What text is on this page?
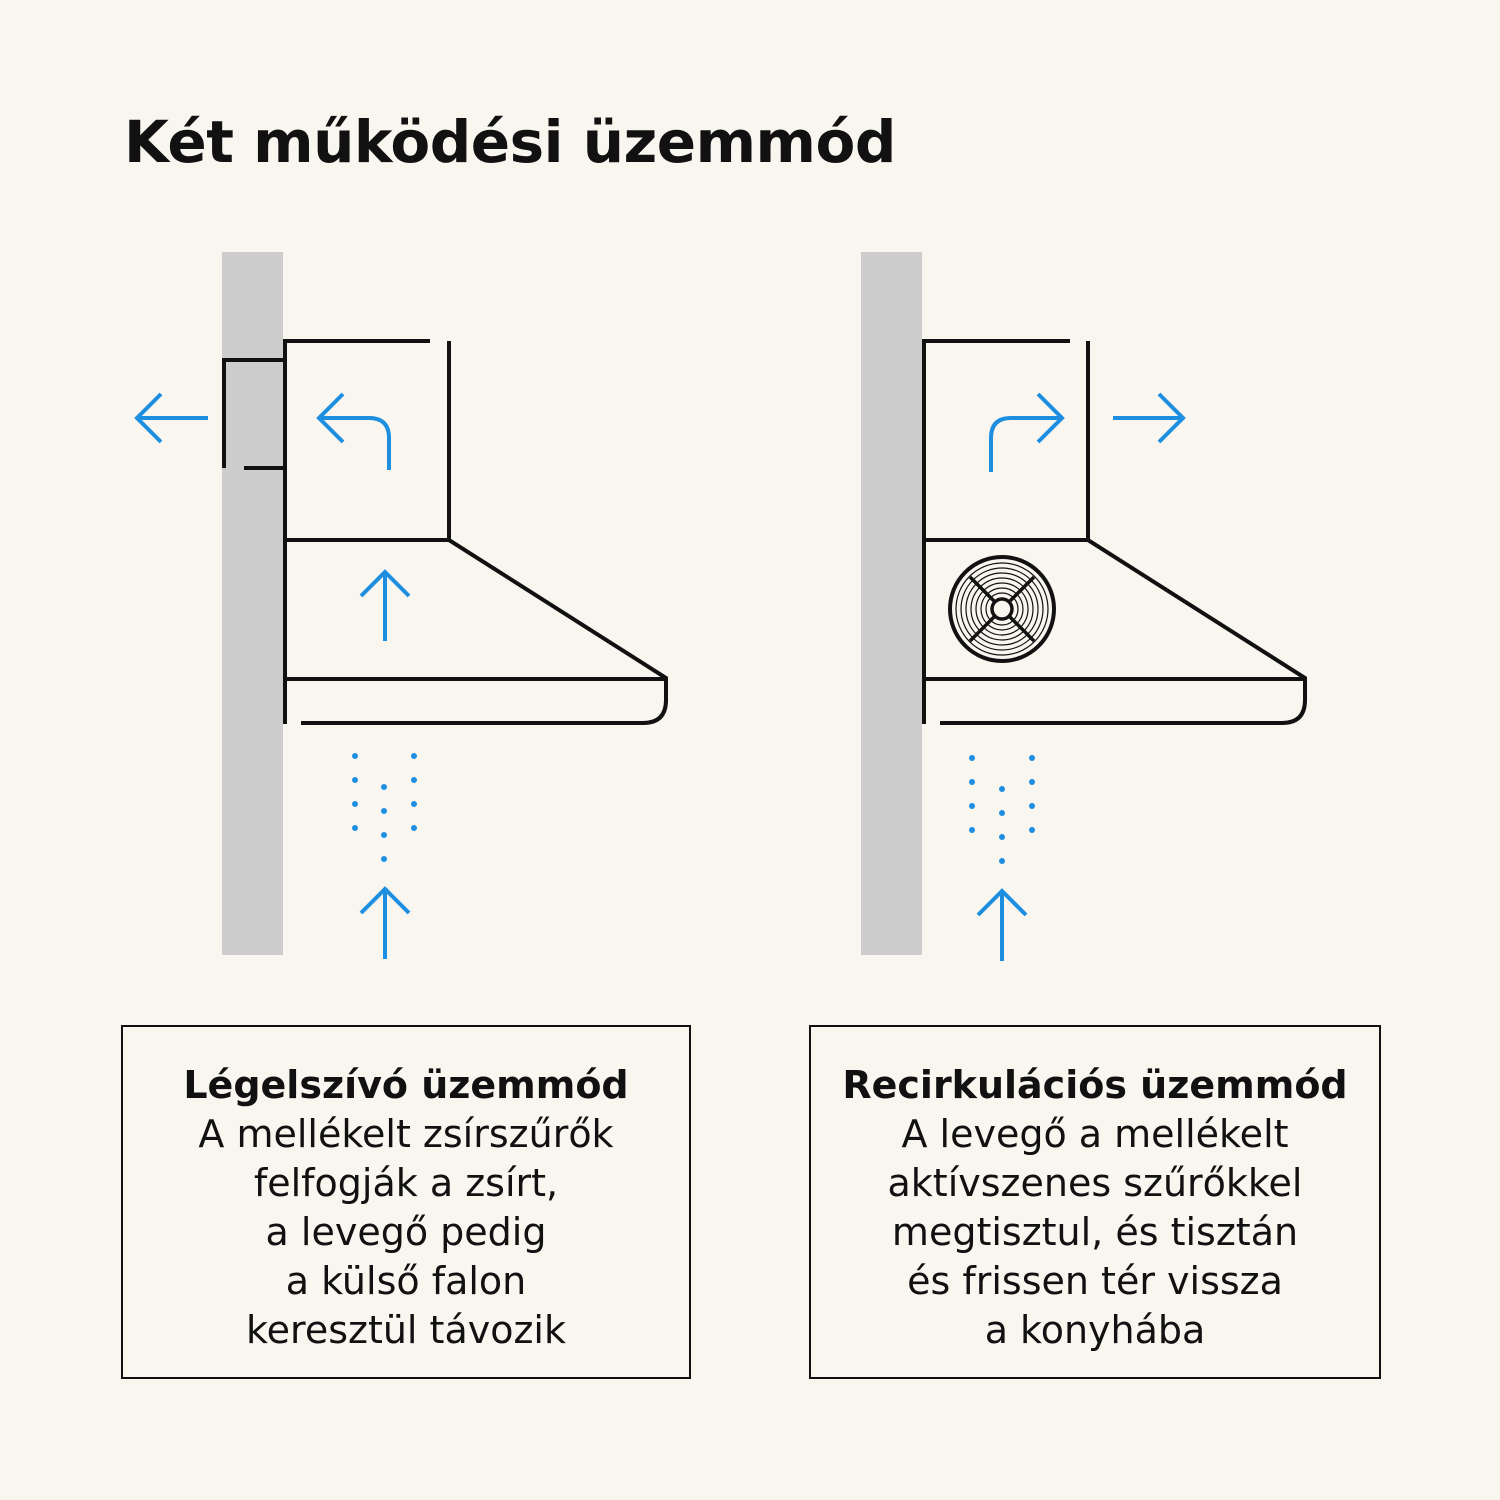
Két működési üzemmód
Légelszívó üzemmód
A mellékelt zsírszűrők
felfogják a zsírt,
a levegő pedig
a külső falon
keresztül távozik
Recirkulációs üzemmód
A levegő a mellékelt
aktívszenes szűrőkkel
megtisztul, és tisztán
és frissen tér vissza
a konyhába
